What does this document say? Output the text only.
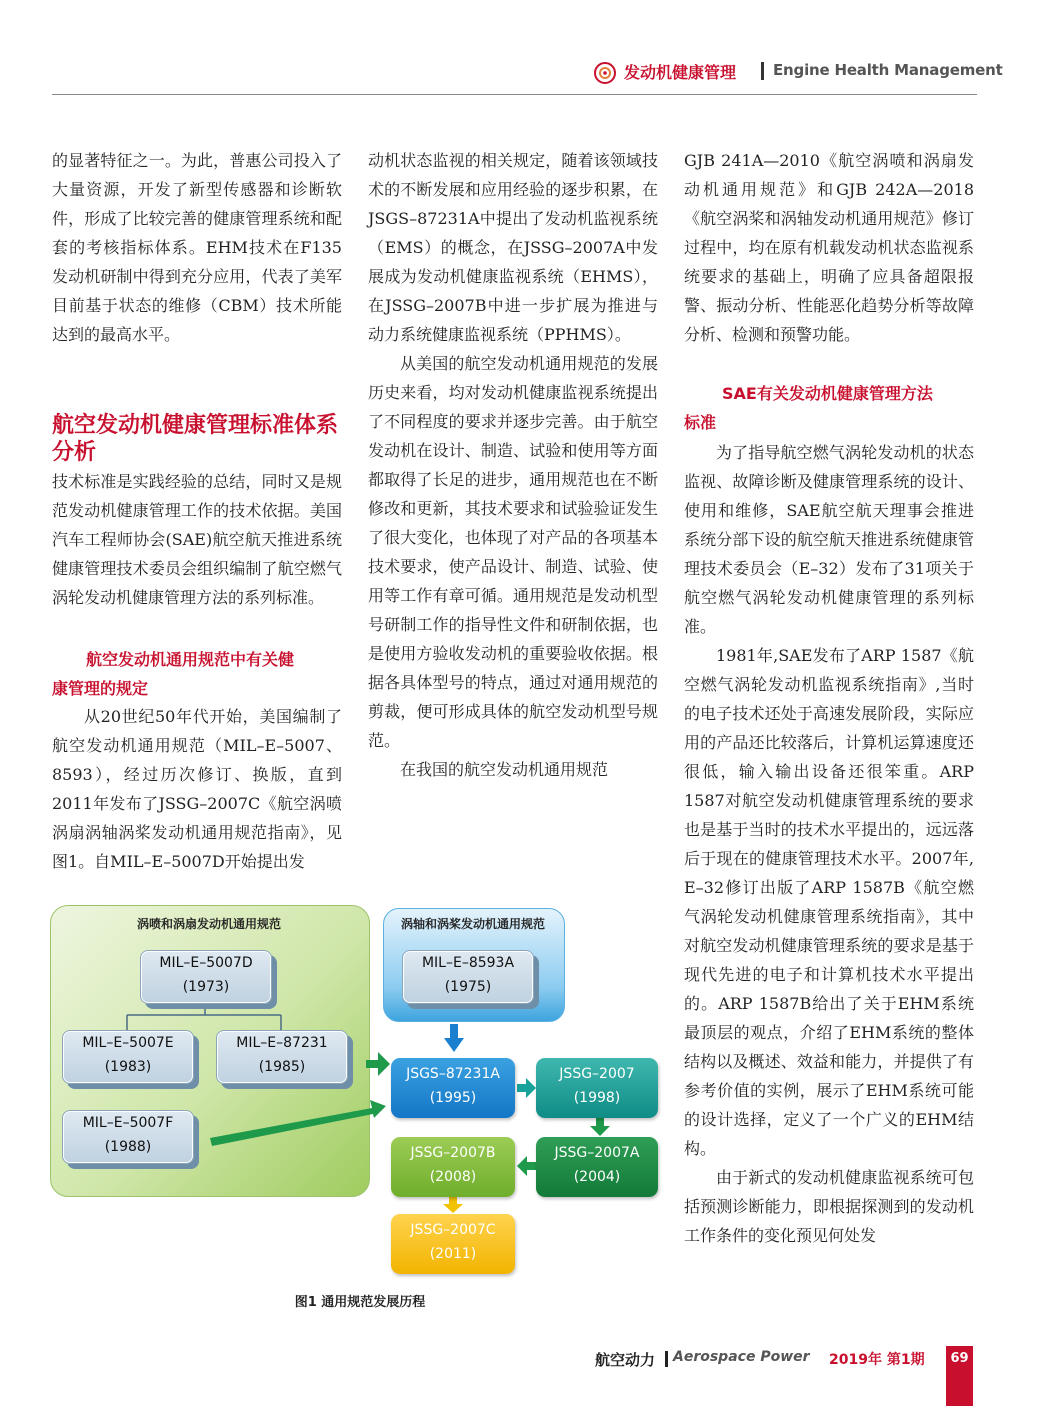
发动机健康管理 Engine Health Management

的显著特征之一。为此，普惠公司投入了大量资源，开发了新型传感器和诊断软件，形成了比较完善的健康管理系统和配套的考核指标体系。EHM技术在F135发动机研制中得到充分应用，代表了美军目前基于状态的维修（CBM）技术所能达到的最高水平。

航空发动机健康管理标准体系分析

技术标准是实践经验的总结，同时又是规范发动机健康管理工作的技术依据。美国汽车工程师协会(SAE)航空航天推进系统健康管理技术委员会组织编制了航空燃气涡轮发动机健康管理方法的系列标准。

航空发动机通用规范中有关健
康管理的规定

从20世纪50年代开始，美国编制了航空发动机通用规范（MIL–E–5007、8593），经过历次修订、换版，直到2011年发布了JSSG–2007C《航空涡喷涡扇涡轴涡桨发动机通用规范指南》，见图1。自MIL–E–5007D开始提出发

动机状态监视的相关规定，随着该领域技术的不断发展和应用经验的逐步积累，在JSGS–87231A中提出了发动机监视系统（EMS）的概念，在JSSG–2007A中发展成为发动机健康监视系统（EHMS），在JSSG–2007B中进一步扩展为推进与动力系统健康监视系统（PPHMS）。

从美国的航空发动机通用规范的发展历史来看，均对发动机健康监视系统提出了不同程度的要求并逐步完善。由于航空发动机在设计、制造、试验和使用等方面都取得了长足的进步，通用规范也在不断修改和更新，其技术要求和试验验证发生了很大变化，也体现了对产品的各项基本技术要求，使产品设计、制造、试验、使用等工作有章可循。通用规范是发动机型号研制工作的指导性文件和研制依据，也是使用方验收发动机的重要验收依据。根据各具体型号的特点，通过对通用规范的剪裁，便可形成具体的航空发动机型号规范。

在我国的航空发动机通用规范

GJB 241A—2010《航空涡喷和涡扇发动机通用规范》和GJB 242A—2018《航空涡桨和涡轴发动机通用规范》修订过程中，均在原有机载发动机状态监视系统要求的基础上，明确了应具备超限报警、振动分析、性能恶化趋势分析等故障分析、检测和预警功能。

SAE有关发动机健康管理方法
标准

为了指导航空燃气涡轮发动机的状态监视、故障诊断及健康管理系统的设计、使用和维修，SAE航空航天理事会推进系统分部下设的航空航天推进系统健康管理技术委员会（E–32）发布了31项关于航空燃气涡轮发动机健康管理的系列标准。

1981年,SAE发布了ARP 1587《航空燃气涡轮发动机监视系统指南》,当时的电子技术还处于高速发展阶段，实际应用的产品还比较落后，计算机运算速度还很低，输入输出设备还很笨重。ARP 1587对航空发动机健康管理系统的要求也是基于当时的技术水平提出的，远远落后于现在的健康管理技术水平。2007年, E–32修订出版了ARP 1587B《航空燃气涡轮发动机健康管理系统指南》，其中对航空发动机健康管理系统的要求是基于现代先进的电子和计算机技术水平提出的。ARP 1587B给出了关于EHM系统最顶层的观点，介绍了EHM系统的整体结构以及概述、效益和能力，并提供了有参考价值的实例，展示了EHM系统可能的设计选择，定义了一个广义的EHM结构。

由于新式的发动机健康监视系统可包括预测诊断能力，即根据探测到的发动机工作条件的变化预见何处发

涡喷和涡扇发动机通用规范	涡轴和涡桨发动机通用规范
MIL–E–5007D
(1973)
MIL–E–5007E
(1983)
MIL–E–87231
(1985)
MIL–E–5007F
(1988)
MIL–E–8593A
(1975)
JSGS–87231A
(1995)
JSSG–2007
(1998)
JSSG–2007A
(2004)
JSSG–2007B
(2008)
JSSG–2007C
(2011)
图1 通用规范发展历程
航空动力 Aerospace Power 2019年 第1期	69
